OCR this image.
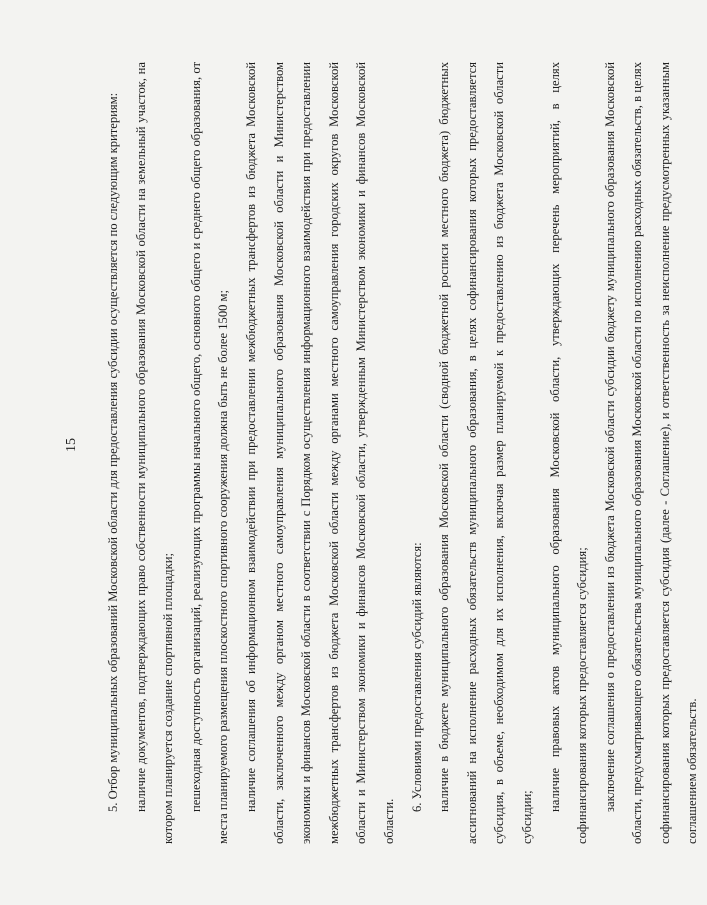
15	5. Отбор муниципальных образований Московской области для предоставления субсидии осуществляется по следующим критериям:	наличие документов, подтверждающих право собственности муниципального образования Московской области на земельный участок, на котором планируется создание спортивной площадки;	пешеходная доступность организаций, реализующих программы начального общего, основного общего и среднего общего образования, от места планируемого размещения плоскостного спортивного сооружения должна быть не более 1500 м;	наличие соглашения об информационном взаимодействии при предоставлении межбюджетных трансфертов из бюджета Московской области, заключенного между органом местного самоуправления муниципального образования Московской области и Министерством экономики и финансов Московской области в соответствии с Порядком осуществления информационного взаимодействия при предоставлении межбюджетных трансфертов из бюджета Московской области между органами местного самоуправления городских округов Московской области и Министерством экономики и финансов Московской области, утвержденным Министерством экономики и финансов Московской области.

6. Условиями предоставления субсидий являются:	наличие в бюджете муниципального образования Московской области (сводной бюджетной росписи местного бюджета) бюджетных ассигнований на исполнение расходных обязательств муниципального образования, в целях софинансирования которых предоставляется субсидия, в объеме, необходимом для их исполнения, включая размер планируемой к предоставлению из бюджета Московской области субсидии;

наличие правовых актов муниципального образования Московской области, утверждающих перечень мероприятий, в целях софинансирования которых предоставляется субсидия;	заключение соглашения о предоставлении из бюджета Московской области субсидии бюджету муниципального образования Московской области, предусматривающего обязательства муниципального образования Московской области по исполнению расходных обязательств, в целях софинансирования которых предоставляется субсидия (далее - Соглашение), и ответственность за неисполнение предусмотренных указанным соглашением обязательств.
